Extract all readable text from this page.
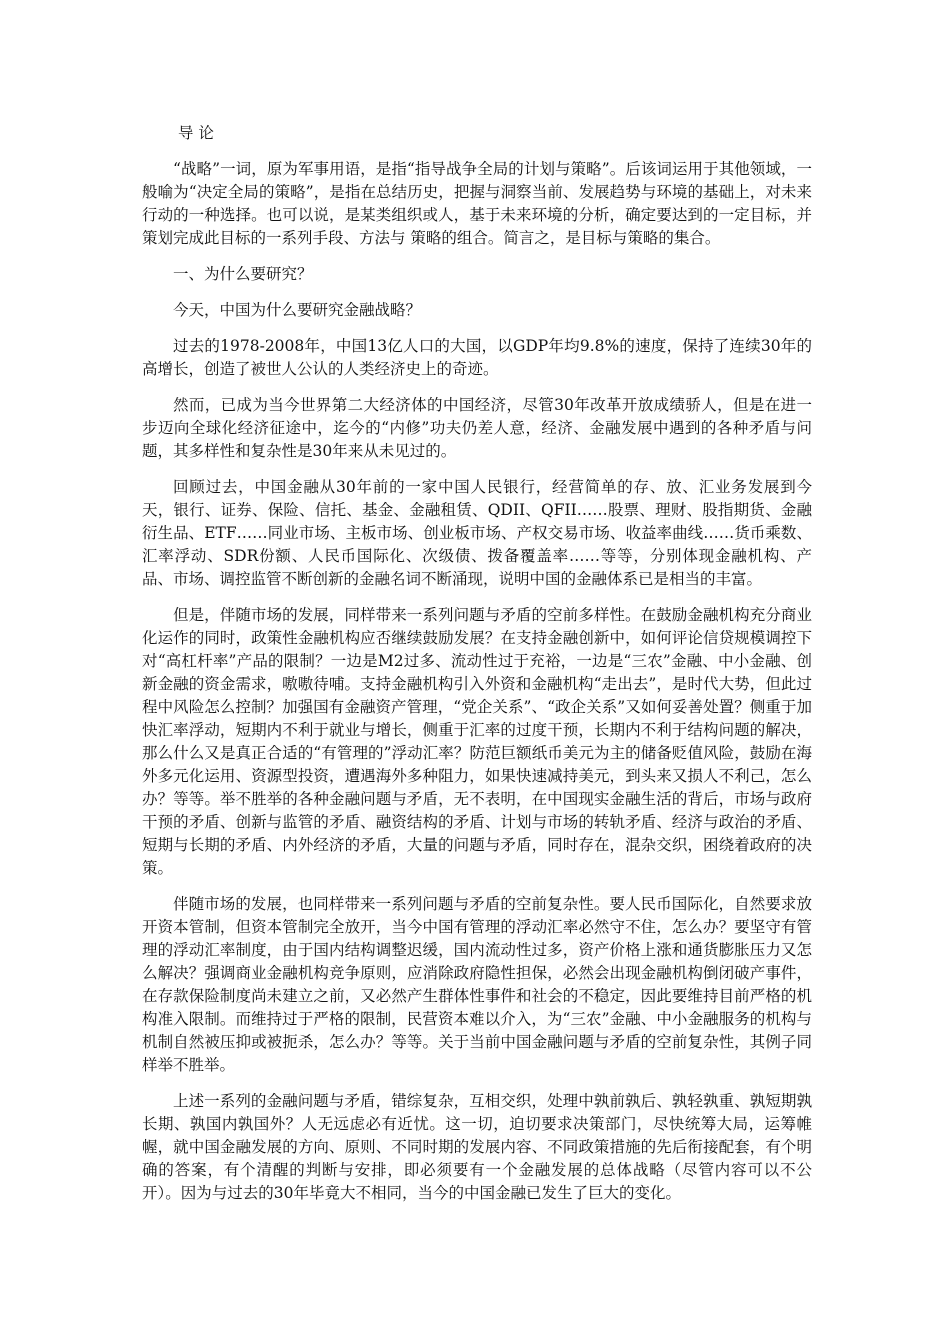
导 论

“战略”一词，原为军事用语，是指“指导战争全局的计划与策略”。后该词运用于其他领域，一般喻为“决定全局的策略”，是指在总结历史，把握与洞察当前、发展趋势与环境的基础上，对未来行动的一种选择。也可以说，是某类组织或人，基于未来环境的分析，确定要达到的一定目标，并策划完成此目标的一系列手段、方法与 策略的组合。简言之，是目标与策略的集合。

一、为什么要研究？

今天，中国为什么要研究金融战略？

过去的1978-2008年，中国13亿人口的大国，以GDP年均9.8%的速度，保持了连续30年的高增长，创造了被世人公认的人类经济史上的奇迹。

然而，已成为当今世界第二大经济体的中国经济，尽管30年改革开放成绩骄人，但是在进一步迈向全球化经济征途中，迄今的“内修”功夫仍差人意，经济、金融发展中遇到的各种矛盾与问题，其多样性和复杂性是30年来从未见过的。

回顾过去，中国金融从30年前的一家中国人民银行，经营简单的存、放、汇业务发展到今天，银行、证券、保险、信托、基金、金融租赁、QDII、QFII……股票、理财、股指期货、金融衍生品、ETF……同业市场、主板市场、创业板市场、产权交易市场、收益率曲线……货币乘数、汇率浮动、SDR份额、人民币国际化、次级债、拨备覆盖率……等等，分别体现金融机构、产品、市场、调控监管不断创新的金融名词不断涌现，说明中国的金融体系已是相当的丰富。

但是，伴随市场的发展，同样带来一系列问题与矛盾的空前多样性。在鼓励金融机构充分商业化运作的同时，政策性金融机构应否继续鼓励发展？在支持金融创新中，如何评论信贷规模调控下对“高杠杆率”产品的限制？一边是M2过多、流动性过于充裕，一边是“三农”金融、中小金融、创新金融的资金需求，嗷嗷待哺。支持金融机构引入外资和金融机构“走出去”，是时代大势，但此过程中风险怎么控制？加强国有金融资产管理，“党企关系”、“政企关系”又如何妥善处置？侧重于加快汇率浮动，短期内不利于就业与增长，侧重于汇率的过度干预，长期内不利于结构问题的解决，那么什么又是真正合适的“有管理的”浮动汇率？防范巨额纸币美元为主的储备贬值风险，鼓励在海外多元化运用、资源型投资，遭遇海外多种阻力，如果快速减持美元，到头来又损人不利己，怎么办？等等。举不胜举的各种金融问题与矛盾，无不表明，在中国现实金融生活的背后，市场与政府干预的矛盾、创新与监管的矛盾、融资结构的矛盾、计划与市场的转轨矛盾、经济与政治的矛盾、短期与长期的矛盾、内外经济的矛盾，大量的问题与矛盾，同时存在，混杂交织，困绕着政府的决策。

伴随市场的发展，也同样带来一系列问题与矛盾的空前复杂性。要人民币国际化，自然要求放开资本管制，但资本管制完全放开，当今中国有管理的浮动汇率必然守不住，怎么办？要坚守有管理的浮动汇率制度，由于国内结构调整迟缓，国内流动性过多，资产价格上涨和通货膨胀压力又怎么解决？强调商业金融机构竞争原则，应消除政府隐性担保，必然会出现金融机构倒闭破产事件，在存款保险制度尚未建立之前，又必然产生群体性事件和社会的不稳定，因此要维持目前严格的机构准入限制。而维持过于严格的限制，民营资本难以介入，为“三农”金融、中小金融服务的机构与机制自然被压抑或被扼杀，怎么办？等等。关于当前中国金融问题与矛盾的空前复杂性，其例子同样举不胜举。

上述一系列的金融问题与矛盾，错综复杂，互相交织，处理中孰前孰后、孰轻孰重、孰短期孰长期、孰国内孰国外？人无远虑必有近忧。这一切，迫切要求决策部门，尽快统筹大局，运筹帷幄，就中国金融发展的方向、原则、不同时期的发展内容、不同政策措施的先后衔接配套，有个明确的答案，有个清醒的判断与安排，即必须要有一个金融发展的总体战略（尽管内容可以不公开）。因为与过去的30年毕竟大不相同，当今的中国金融已发生了巨大的变化。
